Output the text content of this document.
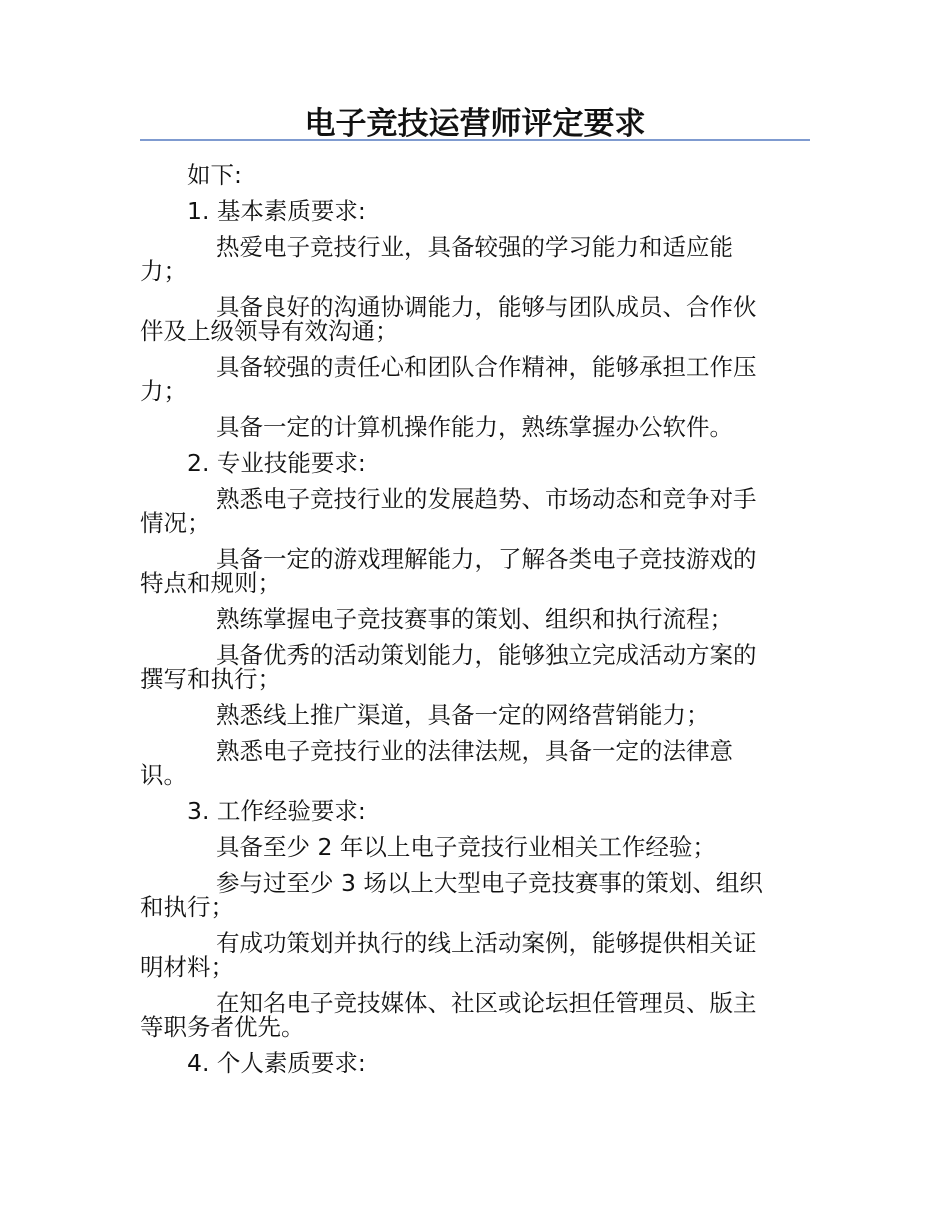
电子竞技运营师评定要求
如下:
1. 基本素质要求:
热爱电子竞技行业，具备较强的学习能力和适应能
力；
具备良好的沟通协调能力，能够与团队成员、合作伙
伴及上级领导有效沟通；
具备较强的责任心和团队合作精神，能够承担工作压
力；
具备一定的计算机操作能力，熟练掌握办公软件。
2. 专业技能要求:
熟悉电子竞技行业的发展趋势、市场动态和竞争对手
情况；
具备一定的游戏理解能力，了解各类电子竞技游戏的
特点和规则；
熟练掌握电子竞技赛事的策划、组织和执行流程；
具备优秀的活动策划能力，能够独立完成活动方案的
撰写和执行；
熟悉线上推广渠道，具备一定的网络营销能力；
熟悉电子竞技行业的法律法规，具备一定的法律意
识。
3. 工作经验要求:
具备至少 2 年以上电子竞技行业相关工作经验；
参与过至少 3 场以上大型电子竞技赛事的策划、组织
和执行；
有成功策划并执行的线上活动案例，能够提供相关证
明材料；
在知名电子竞技媒体、社区或论坛担任管理员、版主
等职务者优先。
4. 个人素质要求:
